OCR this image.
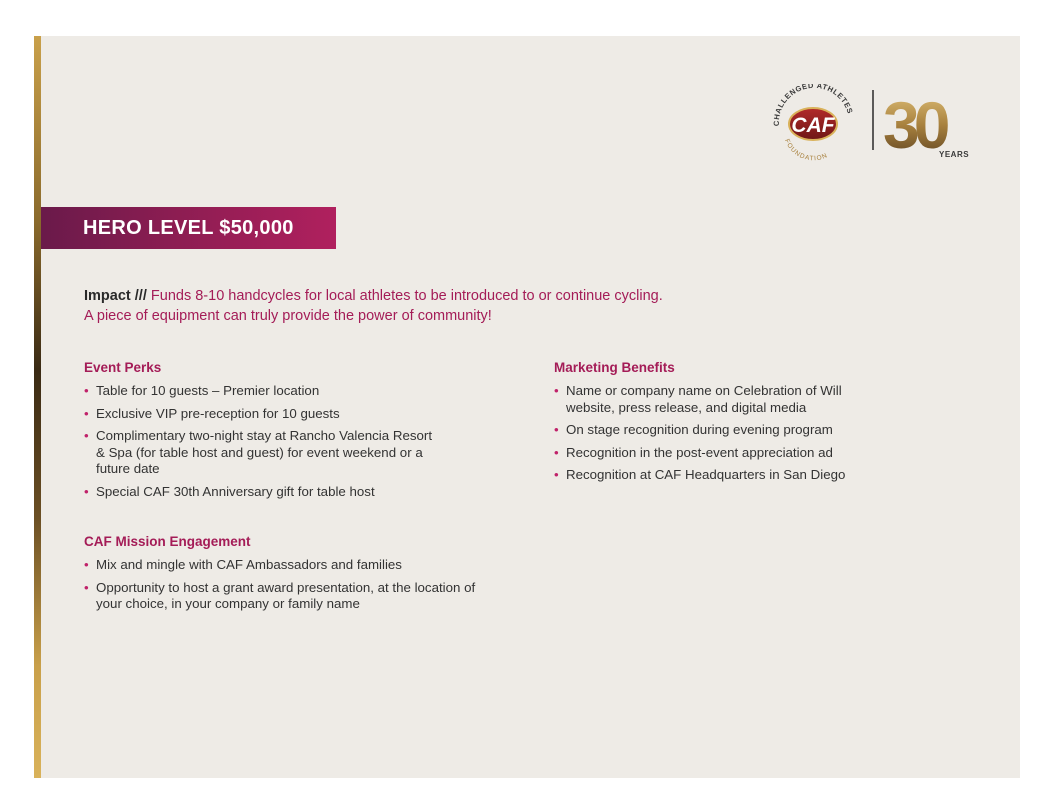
CHALLENGED ATHLETES
CAF
FOUNDATION 30
YEARS
HERO LEVEL $50,000
Impact /// Funds 8-10 handcycles for local athletes to be introduced to or continue cycling.
A piece of equipment can truly provide the power of community!
Event Perks
• Table for 10 guests – Premier location
• Exclusive VIP pre-reception for 10 guests
• Complimentary two-night stay at Rancho Valencia Resort & Spa (for table host and guest) for event weekend or a future date
• Special CAF 30th Anniversary gift for table host
CAF Mission Engagement
• Mix and mingle with CAF Ambassadors and families
• Opportunity to host a grant award presentation, at the location of your choice, in your company or family name
Marketing Benefits
• Name or company name on Celebration of Will website, press release, and digital media
• On stage recognition during evening program
• Recognition in the post-event appreciation ad
• Recognition at CAF Headquarters in San Diego
